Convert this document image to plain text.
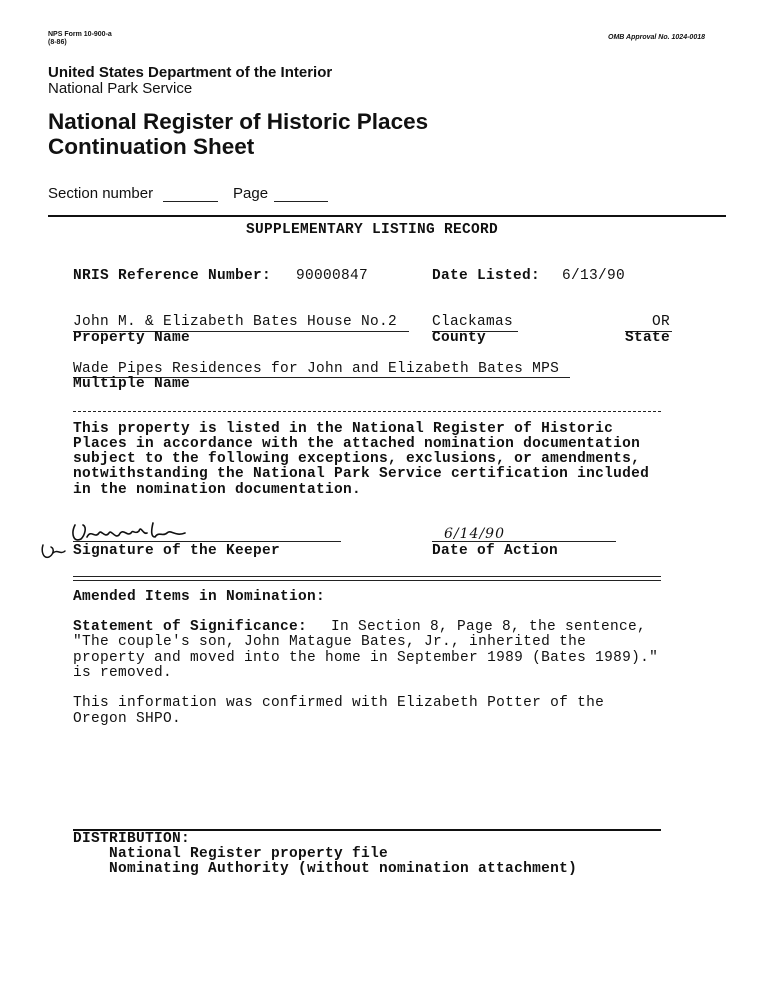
NPS Form 10-900-a
(8-86)
OMB Approval No. 1024-0018
United States Department of the Interior
National Park Service
National Register of Historic Places
Continuation Sheet
Section number	Page
SUPPLEMENTARY LISTING RECORD
NRIS Reference Number: 90000847	Date Listed: 6/13/90
John M. & Elizabeth Bates House No.2
Property Name
Clackamas
County
OR
State
Wade Pipes Residences for John and Elizabeth Bates MPS
Multiple Name
This property is listed in the National Register of Historic
Places in accordance with the attached nomination documentation
subject to the following exceptions, exclusions, or amendments,
notwithstanding the National Park Service certification included
in the nomination documentation.
Signature of the Keeper
6/14/90
Date of Action
Amended Items in Nomination:
Statement of Significance: In Section 8, Page 8, the sentence,
"The couple's son, John Matague Bates, Jr., inherited the
property and moved into the home in September 1989 (Bates 1989)."
is removed.
This information was confirmed with Elizabeth Potter of the
Oregon SHPO.
DISTRIBUTION:
National Register property file
Nominating Authority (without nomination attachment)
